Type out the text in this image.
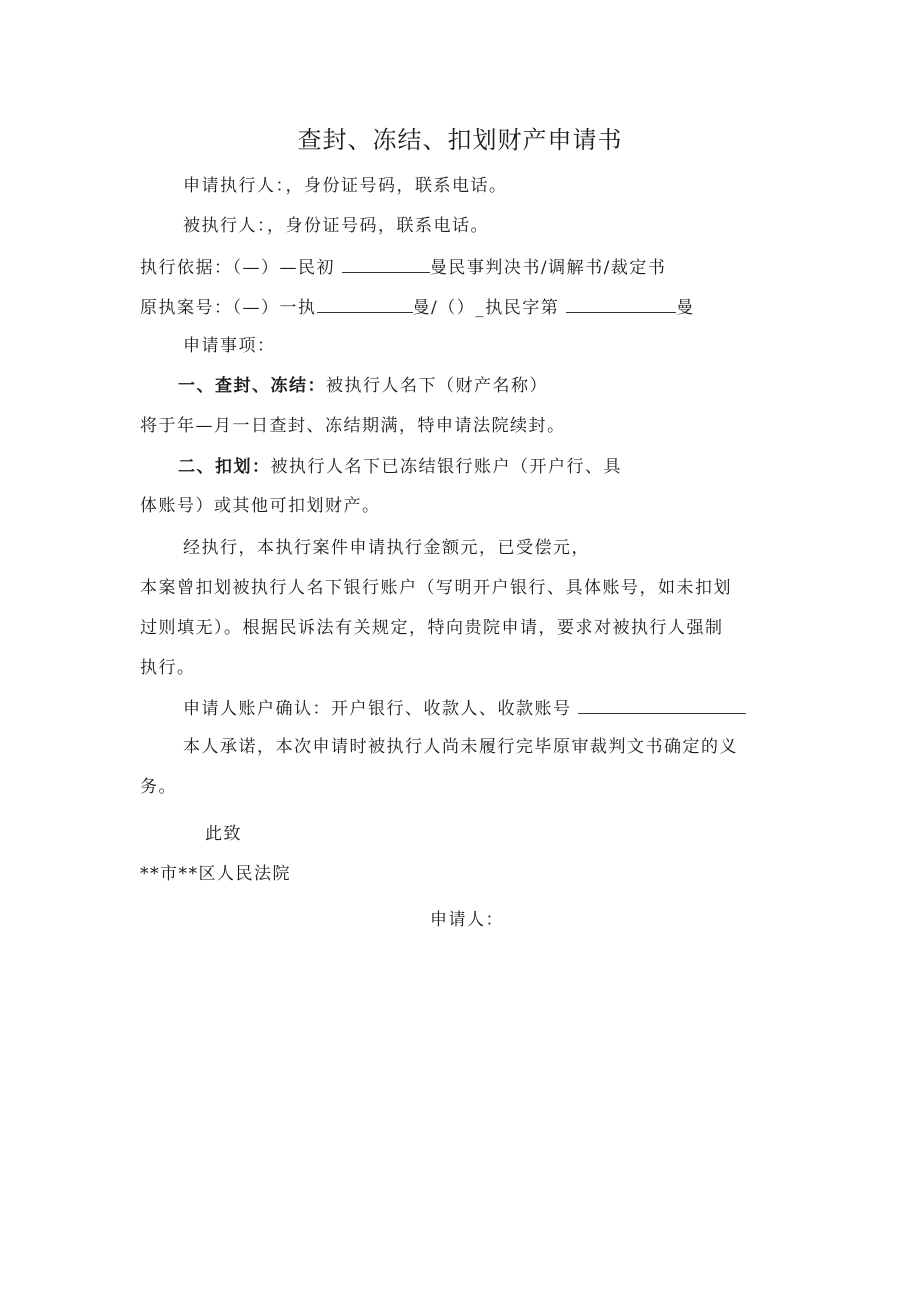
查封、冻结、扣划财产申请书
申请执行人：，身份证号码，联系电话。
被执行人：，身份证号码，联系电话。
执行依据：（—）—民初	曼民事判决书/调解书/裁定书
原执案号：（—）一执	曼/（）_执民字第	曼
申请事项：
一、查封、冻结：被执行人名下（财产名称）
将于年—月一日查封、冻结期满，特申请法院续封。
二、扣划：被执行人名下已冻结银行账户（开户行、具
体账号）或其他可扣划财产。
经执行，本执行案件申请执行金额元，已受偿元，
本案曾扣划被执行人名下银行账户（写明开户银行、具体账号，如未扣划
过则填无）。根据民诉法有关规定，特向贵院申请，要求对被执行人强制
执行。
申请人账户确认：开户银行、收款人、收款账号
本人承诺，本次申请时被执行人尚未履行完毕原审裁判文书确定的义
务。
此致
**市**区人民法院
申请人：
